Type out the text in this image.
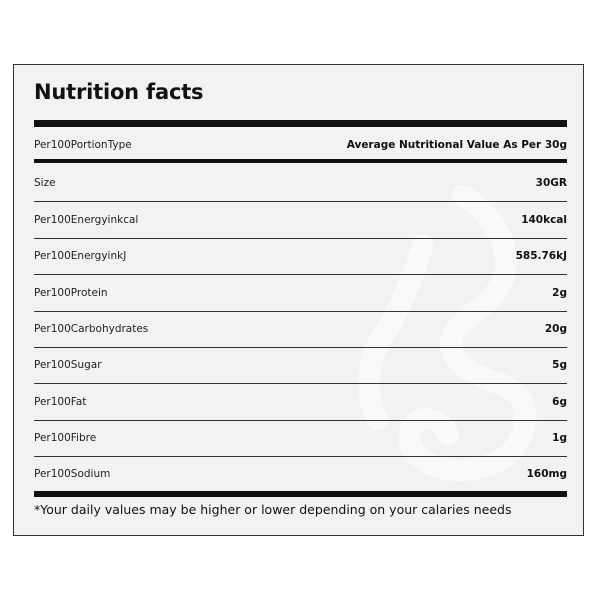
Nutrition facts
Per100PortionType	Average Nutritional Value As Per 30g
Size	30GR
Per100Energyinkcal	140kcal
Per100EnergyinkJ	585.76kJ
Per100Protein	2g
Per100Carbohydrates	20g
Per100Sugar	5g
Per100Fat	6g
Per100Fibre	1g
Per100Sodium	160mg
*Your daily values may be higher or lower depending on your calaries needs
